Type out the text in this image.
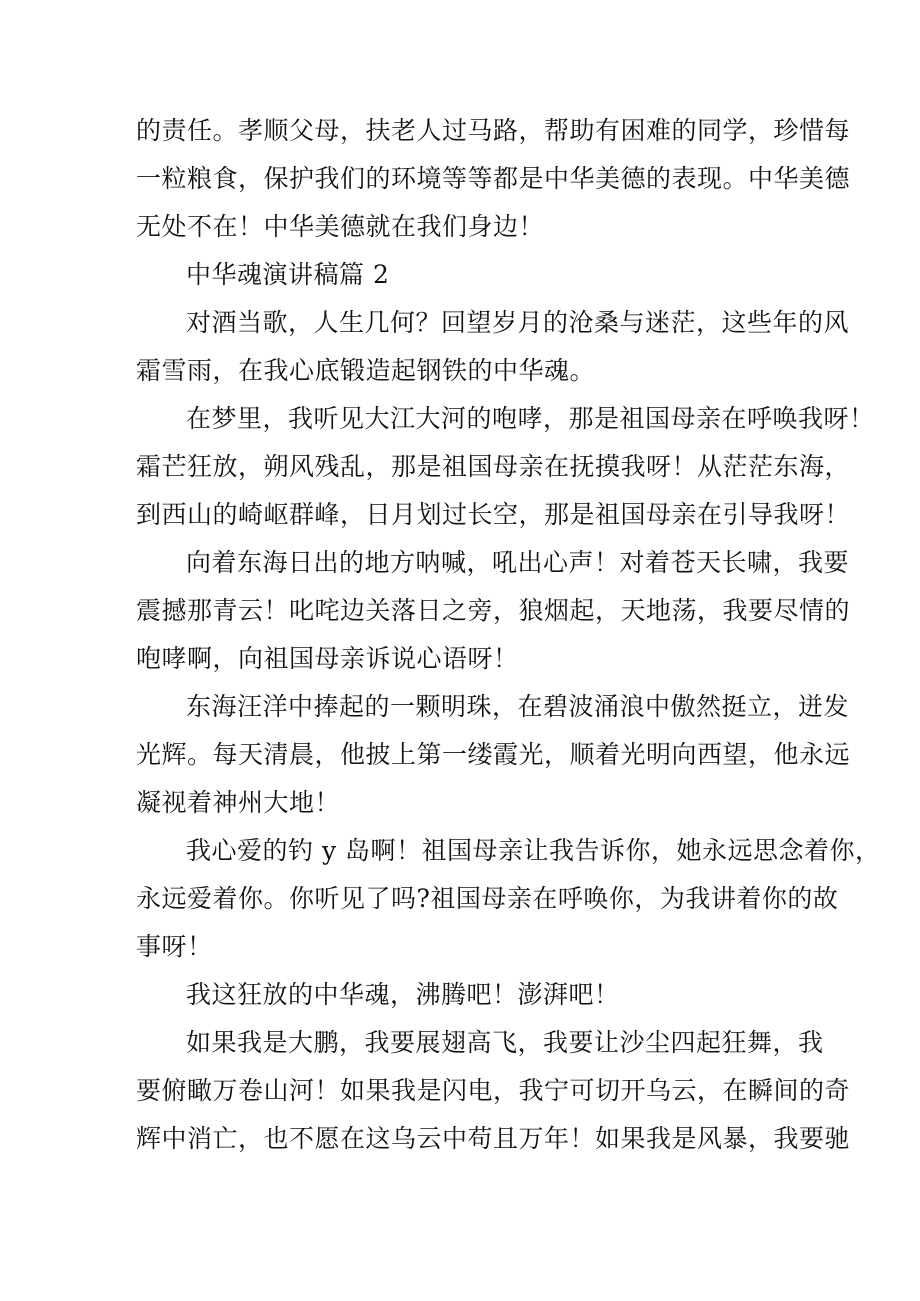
的责任。孝顺父母，扶老人过马路，帮助有困难的同学，珍惜每
一粒粮食，保护我们的环境等等都是中华美德的表现。中华美德
无处不在！中华美德就在我们身边！
中华魂演讲稿篇 2
对酒当歌，人生几何？回望岁月的沧桑与迷茫，这些年的风
霜雪雨，在我心底锻造起钢铁的中华魂。
在梦里，我听见大江大河的咆哮，那是祖国母亲在呼唤我呀！
霜芒狂放，朔风残乱，那是祖国母亲在抚摸我呀！从茫茫东海，
到西山的崎岖群峰，日月划过长空，那是祖国母亲在引导我呀！
向着东海日出的地方呐喊，吼出心声！对着苍天长啸，我要
震撼那青云！叱咤边关落日之旁，狼烟起，天地荡，我要尽情的
咆哮啊，向祖国母亲诉说心语呀！
东海汪洋中捧起的一颗明珠，在碧波涌浪中傲然挺立，迸发
光辉。每天清晨，他披上第一缕霞光，顺着光明向西望，他永远
凝视着神州大地！
我心爱的钓 y 岛啊！祖国母亲让我告诉你，她永远思念着你，
永远爱着你。你听见了吗?祖国母亲在呼唤你，为我讲着你的故
事呀！
我这狂放的中华魂，沸腾吧！澎湃吧！
如果我是大鹏，我要展翅高飞，我要让沙尘四起狂舞，我
要俯瞰万卷山河！如果我是闪电，我宁可切开乌云，在瞬间的奇
辉中消亡，也不愿在这乌云中苟且万年！如果我是风暴，我要驰
